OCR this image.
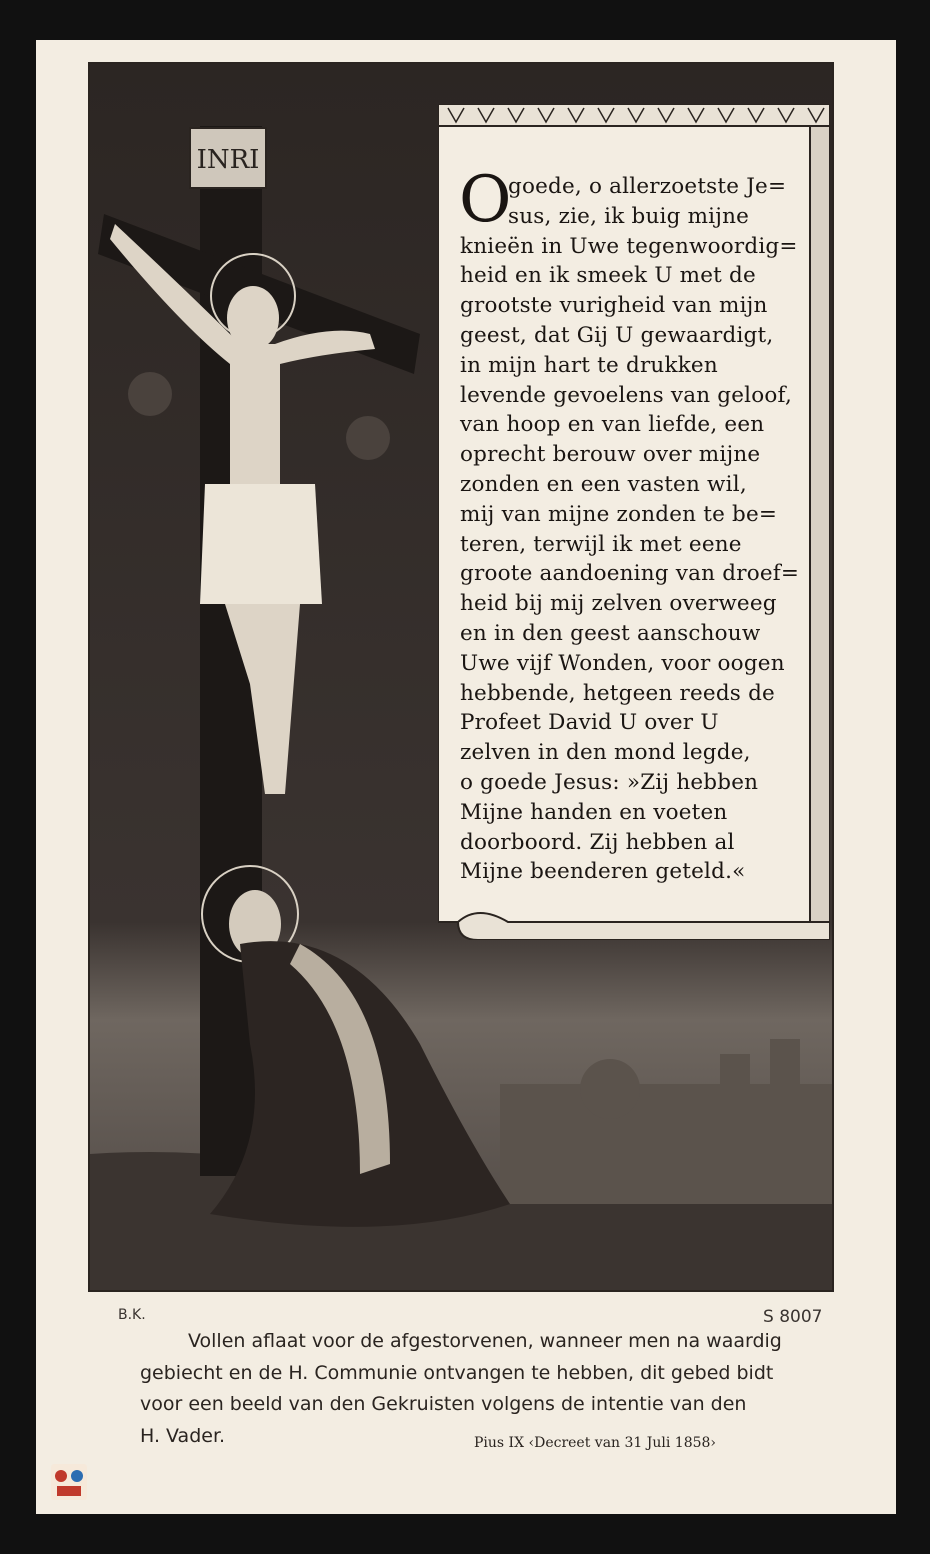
INRI
O
goede, o allerzoetste Je=
sus, zie, ik buig mijne
knieën in Uwe tegenwoordig=
heid en ik smeek U met de
grootste vurigheid van mijn
geest, dat Gij U gewaardigt,
in mijn hart te drukken
levende gevoelens van geloof,
van hoop en van liefde, een
oprecht berouw over mijne
zonden en een vasten wil,
mij van mijne zonden te be=
teren, terwijl ik met eene
groote aandoening van droef=
heid bij mij zelven overweeg
en in den geest aanschouw
Uwe vijf Wonden, voor oogen
hebbende, hetgeen reeds de
Profeet David U over U
zelven in den mond legde,
o goede Jesus: »Zij hebben
Mijne handen en voeten
doorboord. Zij hebben al
Mijne beenderen geteld.«
B.K.	S 8007
Vollen aflaat voor de afgestorvenen, wanneer men na waardig
gebiecht en de H. Communie ontvangen te hebben, dit gebed bidt
voor een beeld van den Gekruisten volgens de intentie van den
H. Vader.	Pius IX ‹Decreet van 31 Juli 1858›
